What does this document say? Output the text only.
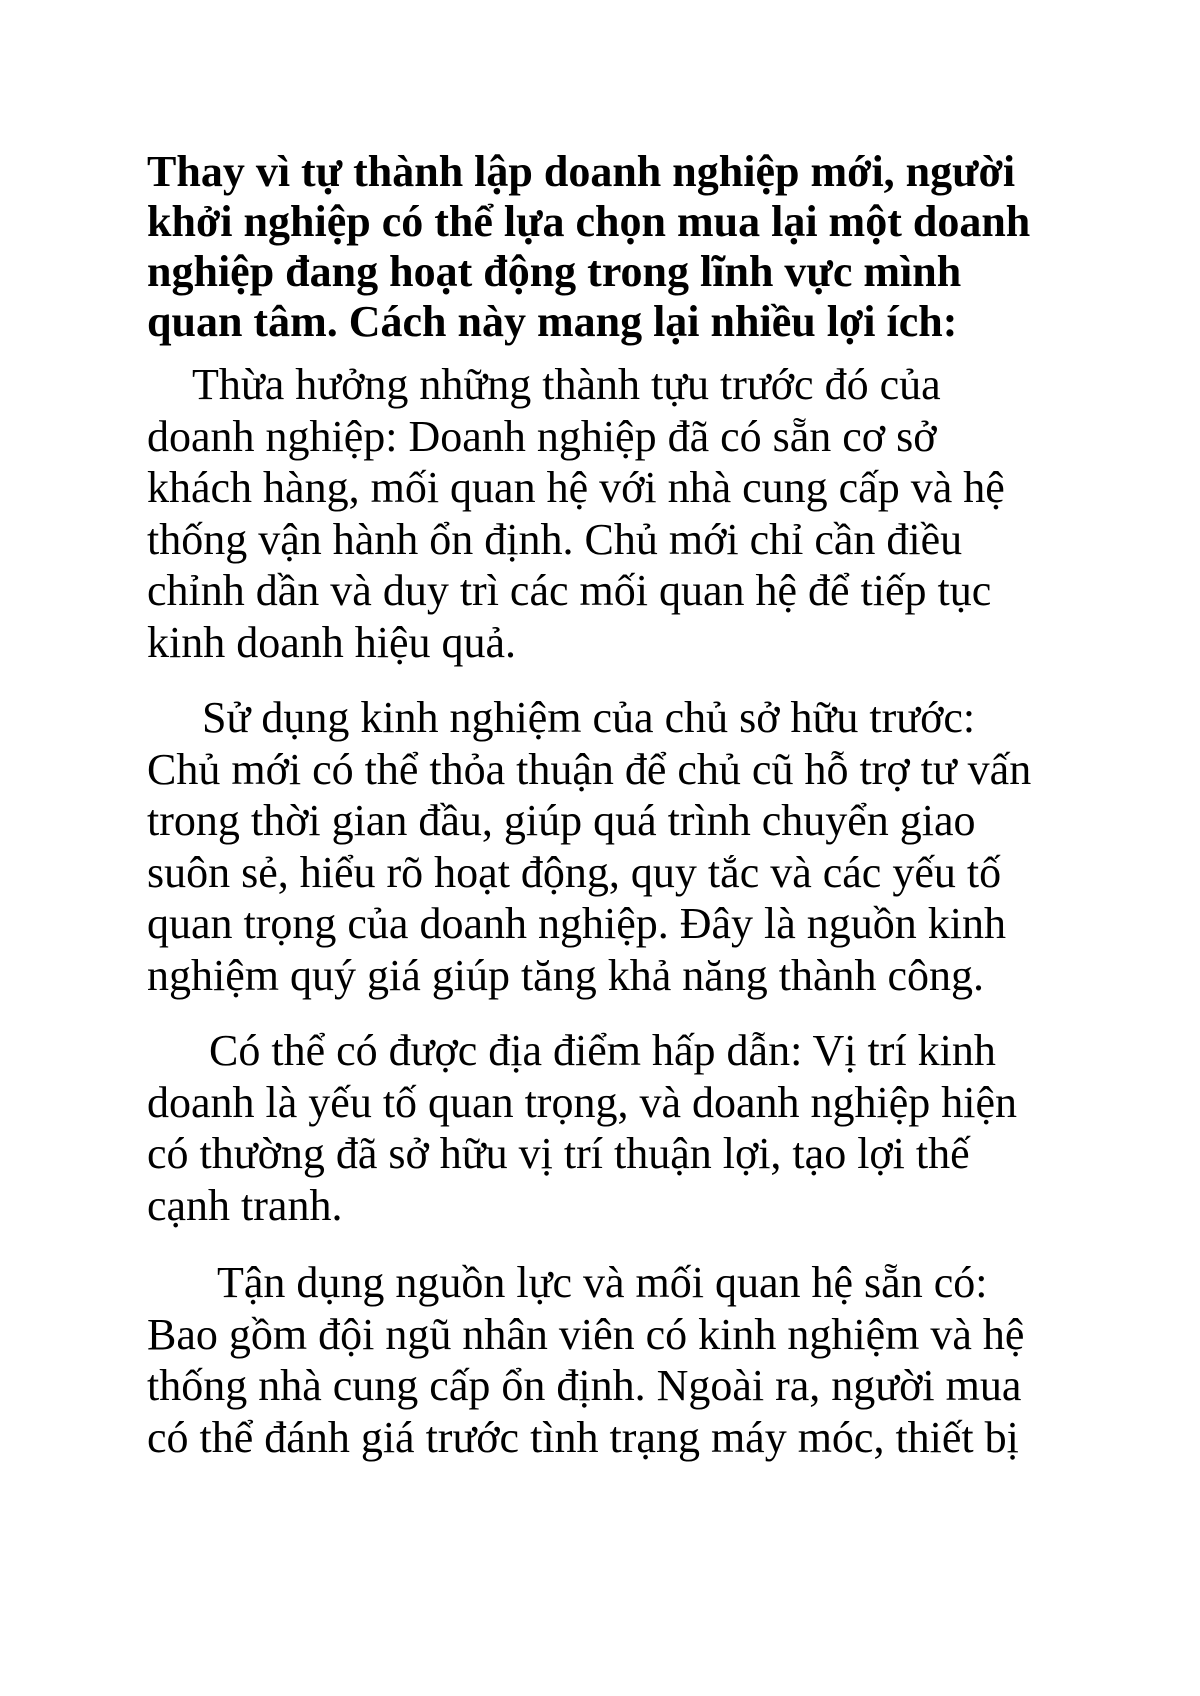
Thay vì tự thành lập doanh nghiệp mới, người
khởi nghiệp có thể lựa chọn mua lại một doanh
nghiệp đang hoạt động trong lĩnh vực mình
quan tâm. Cách này mang lại nhiều lợi ích:

Thừa hưởng những thành tựu trước đó của
doanh nghiệp: Doanh nghiệp đã có sẵn cơ sở
khách hàng, mối quan hệ với nhà cung cấp và hệ
thống vận hành ổn định. Chủ mới chỉ cần điều
chỉnh dần và duy trì các mối quan hệ để tiếp tục
kinh doanh hiệu quả.

Sử dụng kinh nghiệm của chủ sở hữu trước:
Chủ mới có thể thỏa thuận để chủ cũ hỗ trợ tư vấn
trong thời gian đầu, giúp quá trình chuyển giao
suôn sẻ, hiểu rõ hoạt động, quy tắc và các yếu tố
quan trọng của doanh nghiệp. Đây là nguồn kinh
nghiệm quý giá giúp tăng khả năng thành công.

Có thể có được địa điểm hấp dẫn: Vị trí kinh
doanh là yếu tố quan trọng, và doanh nghiệp hiện
có thường đã sở hữu vị trí thuận lợi, tạo lợi thế
cạnh tranh.

Tận dụng nguồn lực và mối quan hệ sẵn có:
Bao gồm đội ngũ nhân viên có kinh nghiệm và hệ
thống nhà cung cấp ổn định. Ngoài ra, người mua
có thể đánh giá trước tình trạng máy móc, thiết bị
